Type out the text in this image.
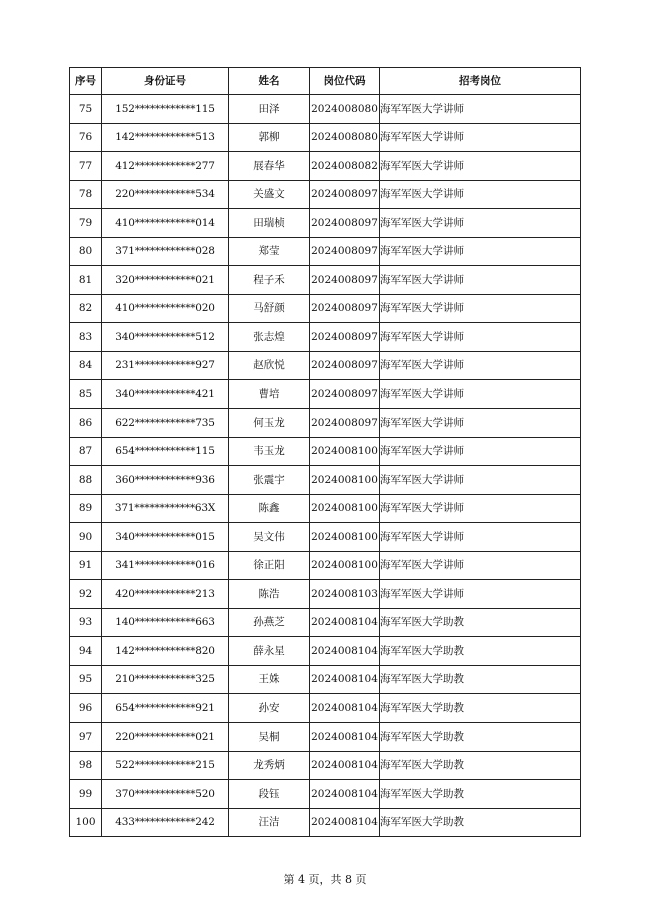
序号	身份证号	姓名	岗位代码	招考岗位
75	152************115	田泽	2024008080	海军军医大学讲师
76	142************513	郭柳	2024008080	海军军医大学讲师
77	412************277	展春华	2024008082	海军军医大学讲师
78	220************534	关盛文	2024008097	海军军医大学讲师
79	410************014	田瑞桢	2024008097	海军军医大学讲师
80	371************028	郑莹	2024008097	海军军医大学讲师
81	320************021	程子禾	2024008097	海军军医大学讲师
82	410************020	马舒颜	2024008097	海军军医大学讲师
83	340************512	张志煌	2024008097	海军军医大学讲师
84	231************927	赵欣悦	2024008097	海军军医大学讲师
85	340************421	曹培	2024008097	海军军医大学讲师
86	622************735	何玉龙	2024008097	海军军医大学讲师
87	654************115	韦玉龙	2024008100	海军军医大学讲师
88	360************936	张震宇	2024008100	海军军医大学讲师
89	371************63X	陈鑫	2024008100	海军军医大学讲师
90	340************015	吴文伟	2024008100	海军军医大学讲师
91	341************016	徐正阳	2024008100	海军军医大学讲师
92	420************213	陈浩	2024008103	海军军医大学讲师
93	140************663	孙燕芝	2024008104	海军军医大学助教
94	142************820	薛永星	2024008104	海军军医大学助教
95	210************325	王姝	2024008104	海军军医大学助教
96	654************921	孙安	2024008104	海军军医大学助教
97	220************021	吴桐	2024008104	海军军医大学助教
98	522************215	龙秀炳	2024008104	海军军医大学助教
99	370************520	段钰	2024008104	海军军医大学助教
100	433************242	汪洁	2024008104	海军军医大学助教
第 4 页，共 8 页
